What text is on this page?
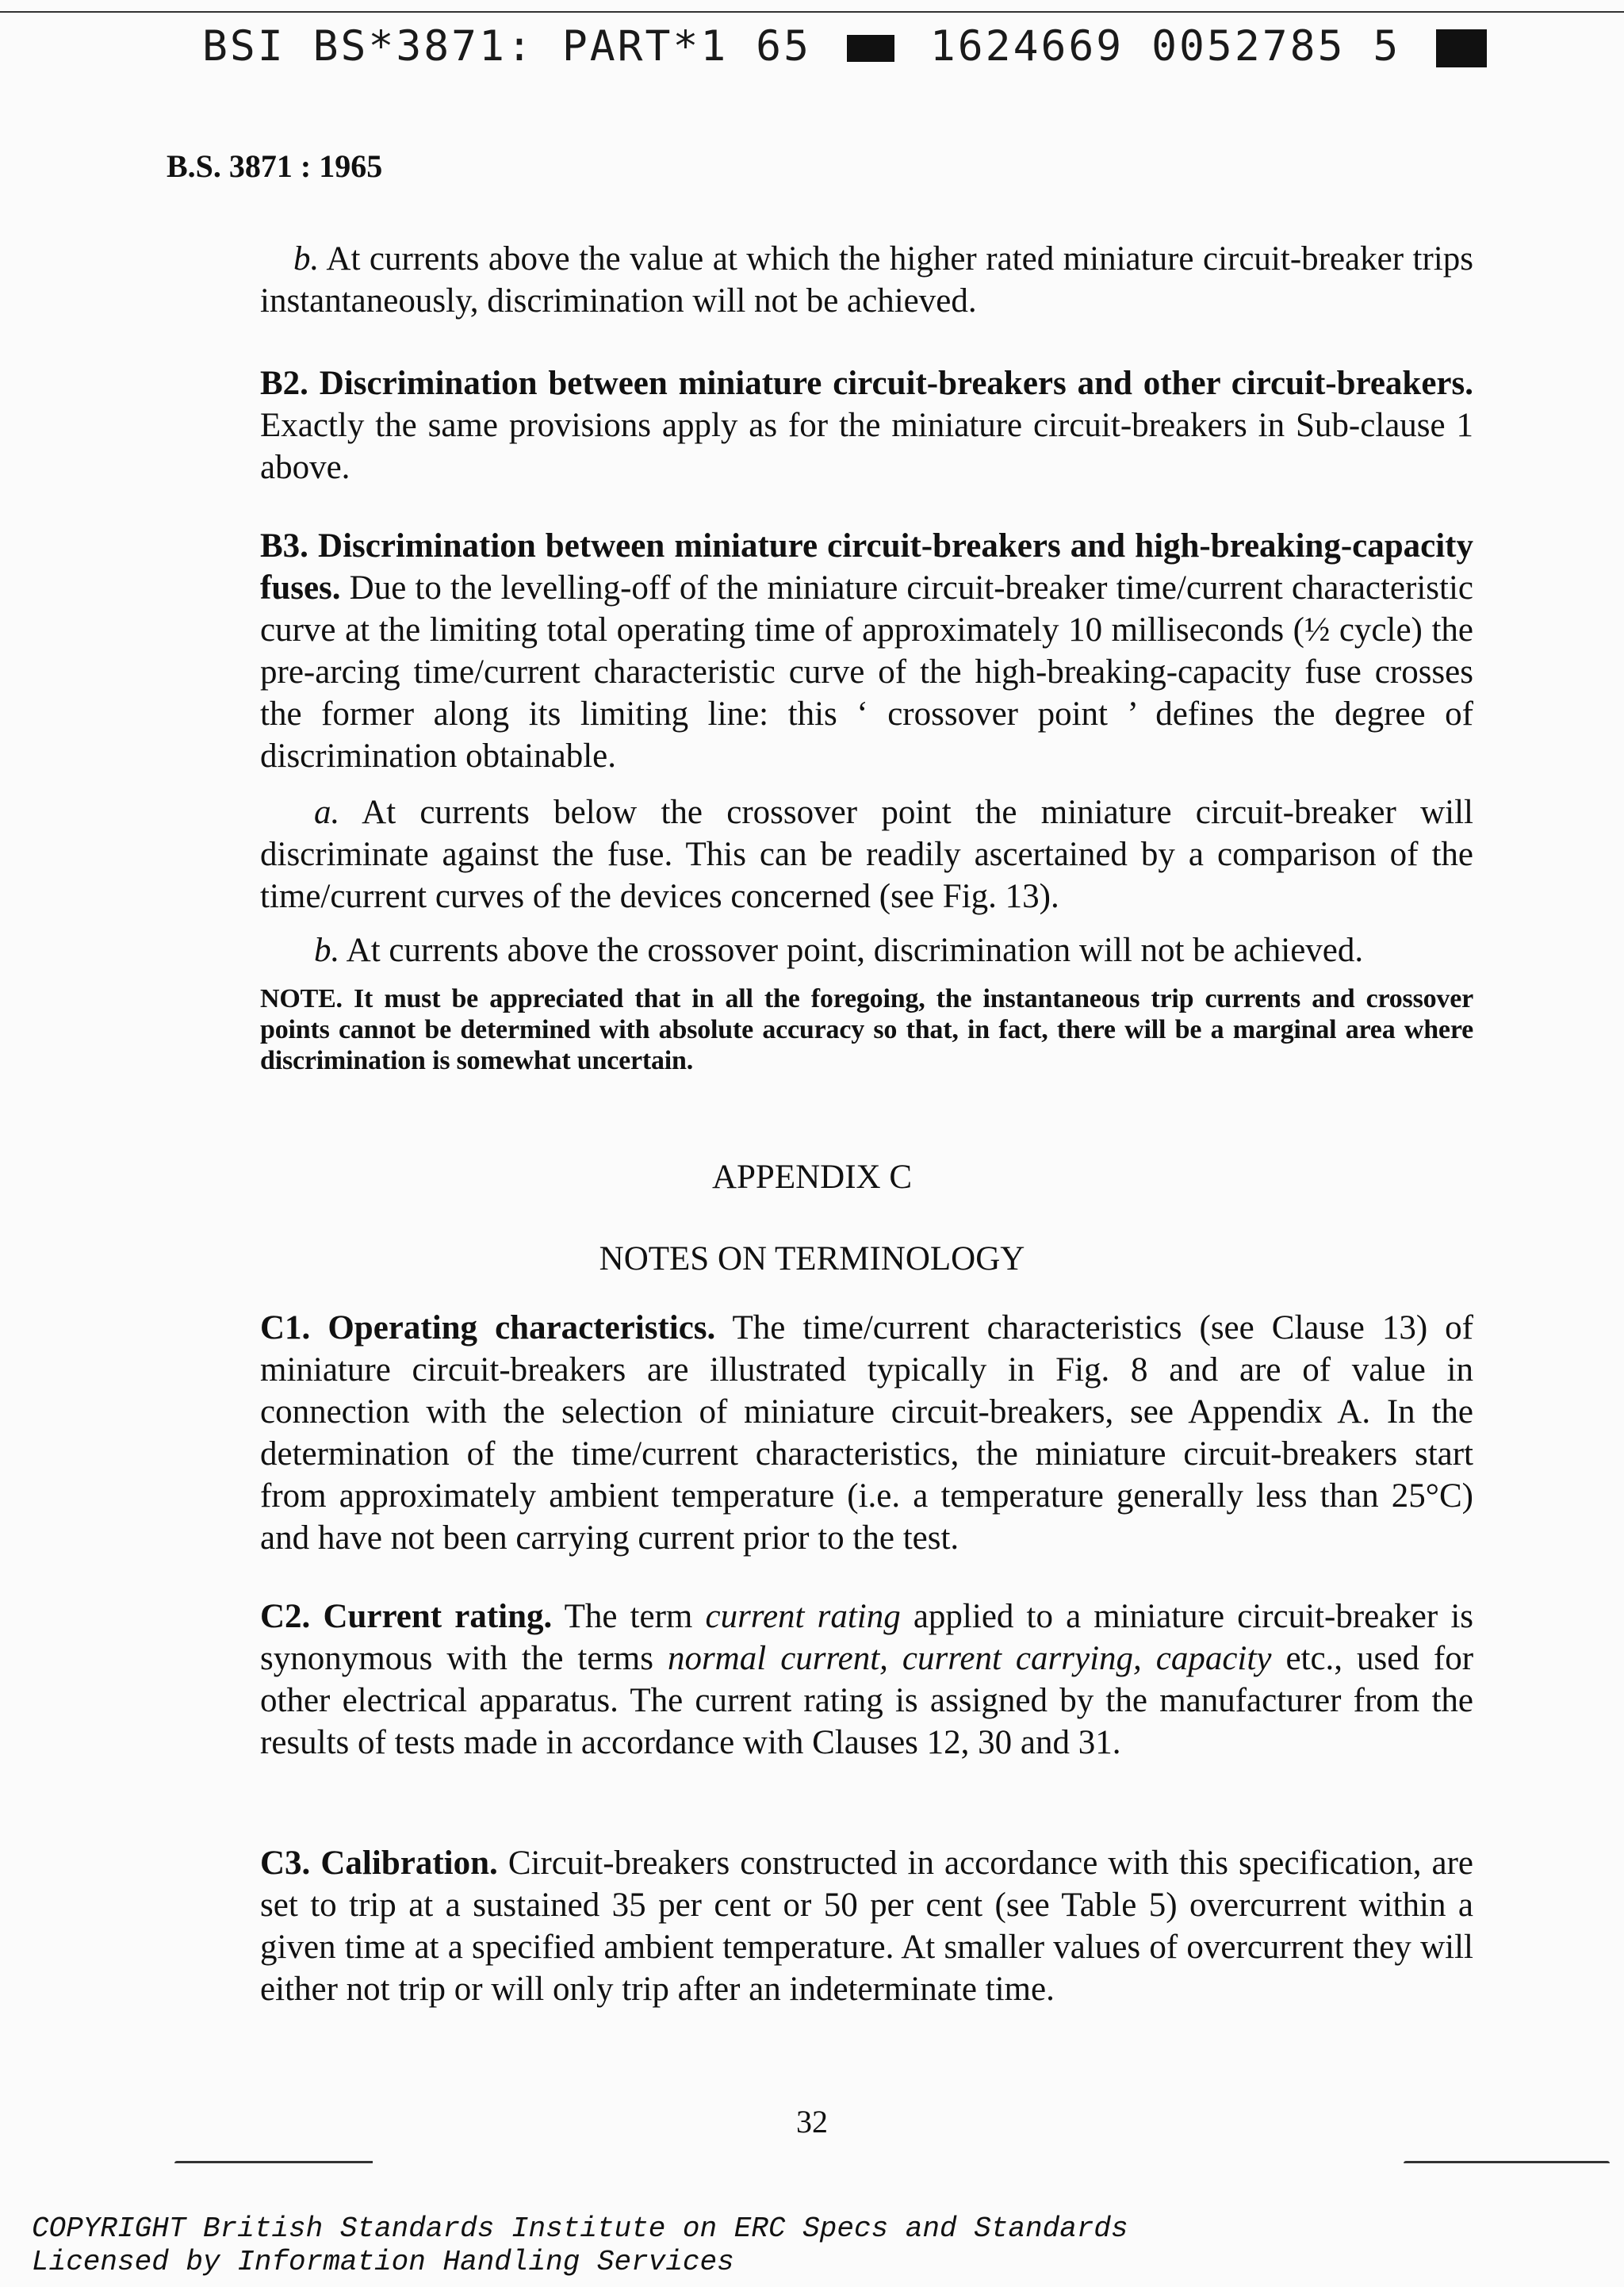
BSI BS*3871: PART*1 65	1624669 0052785 5
B.S. 3871 : 1965

b. At currents above the value at which the higher rated miniature circuit-breaker trips instantaneously, discrimination will not be achieved.

B2. Discrimination between miniature circuit-breakers and other circuit-breakers. Exactly the same provisions apply as for the miniature circuit-breakers in Sub-clause 1 above.

B3. Discrimination between miniature circuit-breakers and high-breaking-capacity fuses. Due to the levelling-off of the miniature circuit-breaker time/current characteristic curve at the limiting total operating time of approximately 10 milliseconds (½ cycle) the pre-arcing time/current characteristic curve of the high-breaking-capacity fuse crosses the former along its limiting line: this ‘ crossover point ’ defines the degree of discrimination obtainable.

a. At currents below the crossover point the miniature circuit-breaker will discriminate against the fuse. This can be readily ascertained by a comparison of the time/current curves of the devices concerned (see Fig. 13).

b. At currents above the crossover point, discrimination will not be achieved.

NOTE. It must be appreciated that in all the foregoing, the instantaneous trip currents and crossover points cannot be determined with absolute accuracy so that, in fact, there will be a marginal area where discrimination is somewhat uncertain.

APPENDIX C
NOTES ON TERMINOLOGY

C1. Operating characteristics. The time/current characteristics (see Clause 13) of miniature circuit-breakers are illustrated typically in Fig. 8 and are of value in connection with the selection of miniature circuit-breakers, see Appendix A. In the determination of the time/current characteristics, the miniature circuit-breakers start from approximately ambient temperature (i.e. a temperature generally less than 25°C) and have not been carrying current prior to the test.

C2. Current rating. The term current rating applied to a miniature circuit-breaker is synonymous with the terms normal current, current carrying, capacity etc., used for other electrical apparatus. The current rating is assigned by the manufacturer from the results of tests made in accordance with Clauses 12, 30 and 31.

C3. Calibration. Circuit-breakers constructed in accordance with this specification, are set to trip at a sustained 35 per cent or 50 per cent (see Table 5) overcurrent within a given time at a specified ambient temperature. At smaller values of overcurrent they will either not trip or will only trip after an indeterminate time.

32
COPYRIGHT British Standards Institute on ERC Specs and Standards
Licensed by Information Handling Services
